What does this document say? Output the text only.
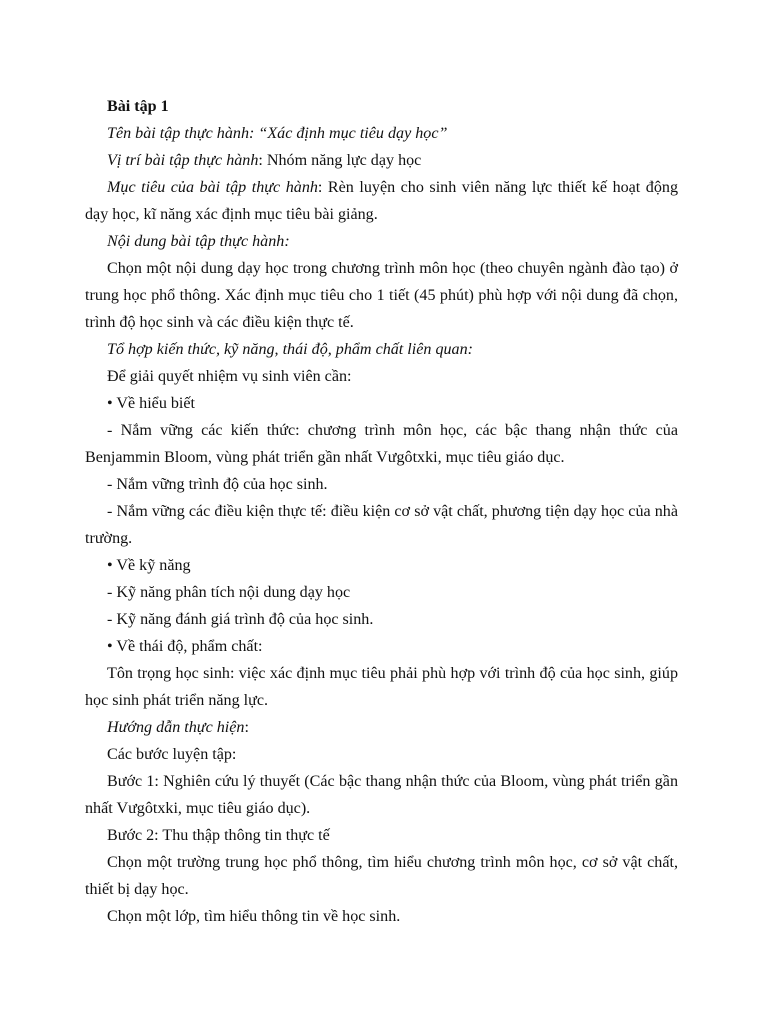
Bài tập 1

Tên bài tập thực hành: “Xác định mục tiêu dạy học”

Vị trí bài tập thực hành: Nhóm năng lực dạy học

Mục tiêu của bài tập thực hành: Rèn luyện cho sinh viên năng lực thiết kế hoạt động dạy học, kĩ năng xác định mục tiêu bài giảng.

Nội dung bài tập thực hành:

Chọn một nội dung dạy học trong chương trình môn học (theo chuyên ngành đào tạo) ở trung học phổ thông. Xác định mục tiêu cho 1 tiết (45 phút) phù hợp với nội dung đã chọn, trình độ học sinh và các điều kiện thực tế.

Tổ hợp kiến thức, kỹ năng, thái độ, phẩm chất liên quan:

Để giải quyết nhiệm vụ sinh viên cần:

• Về hiểu biết

- Nắm vững các kiến thức: chương trình môn học, các bậc thang nhận thức của Benjammin Bloom, vùng phát triển gần nhất Vưgôtxki, mục tiêu giáo dục.

- Nắm vững trình độ của học sinh.

- Nắm vững các điều kiện thực tế: điều kiện cơ sở vật chất, phương tiện dạy học của nhà trường.

• Về kỹ năng

- Kỹ năng phân tích nội dung dạy học

- Kỹ năng đánh giá trình độ của học sinh.

• Về thái độ, phẩm chất:

Tôn trọng học sinh: việc xác định mục tiêu phải phù hợp với trình độ của học sinh, giúp học sinh phát triển năng lực.

Hướng dẫn thực hiện:

Các bước luyện tập:

Bước 1: Nghiên cứu lý thuyết (Các bậc thang nhận thức của Bloom, vùng phát triển gần nhất Vưgôtxki, mục tiêu giáo dục).

Bước 2: Thu thập thông tin thực tế

Chọn một trường trung học phổ thông, tìm hiểu chương trình môn học, cơ sở vật chất, thiết bị dạy học.

Chọn một lớp, tìm hiểu thông tin về học sinh.
